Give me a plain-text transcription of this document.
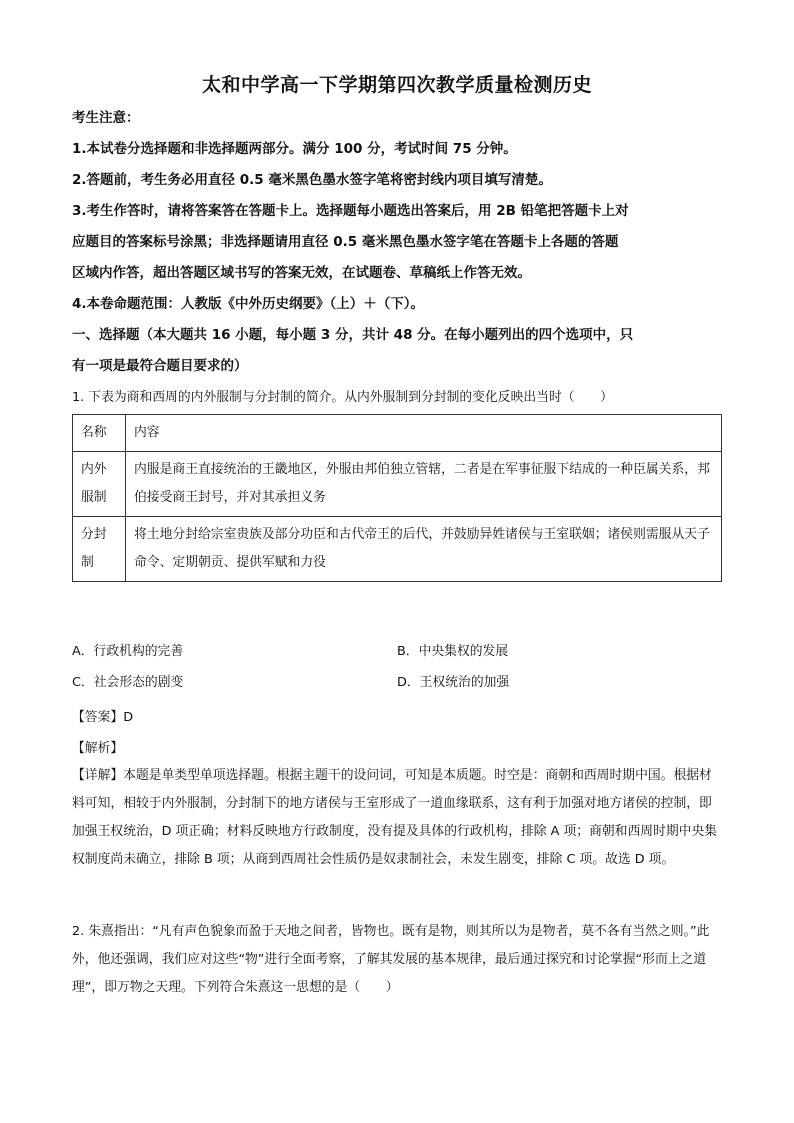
太和中学高一下学期第四次教学质量检测历史
考生注意：
1.本试卷分选择题和非选择题两部分。满分 100 分，考试时间 75 分钟。
2.答题前，考生务必用直径 0.5 毫米黑色墨水签字笔将密封线内项目填写清楚。
3.考生作答时，请将答案答在答题卡上。选择题每小题选出答案后，用 2B 铅笔把答题卡上对
应题目的答案标号涂黑；非选择题请用直径 0.5 毫米黑色墨水签字笔在答题卡上各题的答题
区域内作答，超出答题区域书写的答案无效，在试题卷、草稿纸上作答无效。
4.本卷命题范围：人教版《中外历史纲要》（上）＋（下）。
一、选择题（本大题共 16 小题，每小题 3 分，共计 48 分。在每小题列出的四个选项中，只
有一项是最符合题目要求的）
1. 下表为商和西周的内外服制与分封制的简介。从内外服制到分封制的变化反映出当时（　　）
名称	内容

内外
服制	内服是商王直接统治的王畿地区，外服由邦伯独立管辖，二者是在军事征服下结成的一种臣属关系，邦伯接受商王封号，并对其承担义务

分封
制	将土地分封给宗室贵族及部分功臣和古代帝王的后代，并鼓励异姓诸侯与王室联姻；诸侯则需服从天子命令、定期朝贡、提供军赋和力役
A．行政机构的完善	B．中央集权的发展
C．社会形态的剧变	D．王权统治的加强
【答案】D
【解析】
【详解】本题是单类型单项选择题。根据主题干的设问词，可知是本质题。时空是：商朝和西周时期中国。根据材料可知，相较于内外服制，分封制下的地方诸侯与王室形成了一道血缘联系，这有利于加强对地方诸侯的控制，即加强王权统治，D 项正确；材料反映地方行政制度，没有提及具体的行政机构，排除 A 项；商朝和西周时期中央集权制度尚未确立，排除 B 项；从商到西周社会性质仍是奴隶制社会，未发生剧变，排除 C 项。故选 D 项。
2. 朱熹指出：“凡有声色貌象而盈于天地之间者，皆物也。既有是物，则其所以为是物者，莫不各有当然之则。”此外，他还强调，我们应对这些“物”进行全面考察，了解其发展的基本规律，最后通过探究和讨论掌握“形而上之道理”，即万物之天理。下列符合朱熹这一思想的是（　　）
